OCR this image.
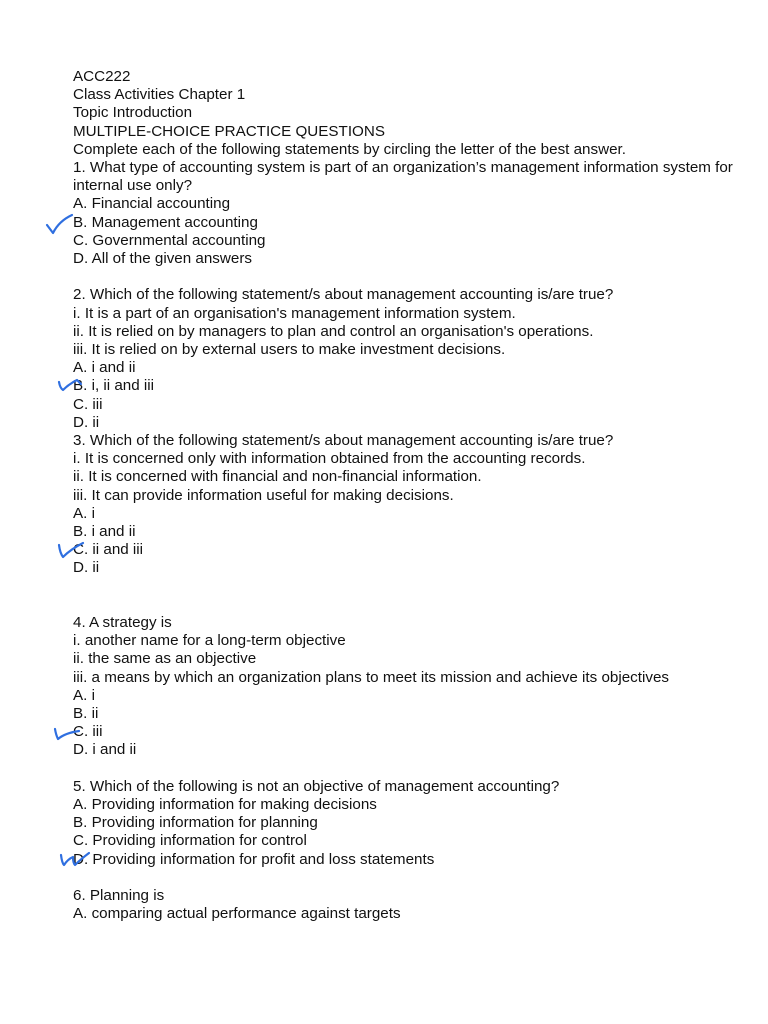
ACC222
Class Activities Chapter 1
Topic Introduction
MULTIPLE-CHOICE PRACTICE QUESTIONS
Complete each of the following statements by circling the letter of the best answer.
1. What type of accounting system is part of an organization’s management information system for internal use only?
A. Financial accounting
B. Management accounting
C. Governmental accounting
D. All of the given answers
2. Which of the following statement/s about management accounting is/are true?
i. It is a part of an organisation's management information system.
ii. It is relied on by managers to plan and control an organisation's operations.
iii. It is relied on by external users to make investment decisions.
A. i and ii
B. i, ii and iii
C. iii
D. ii
3. Which of the following statement/s about management accounting is/are true?
i. It is concerned only with information obtained from the accounting records.
ii. It is concerned with financial and non-financial information.
iii. It can provide information useful for making decisions.
A. i
B. i and ii
C. ii and iii
D. ii
4. A strategy is
i. another name for a long-term objective
ii. the same as an objective
iii. a means by which an organization plans to meet its mission and achieve its objectives
A. i
B. ii
C. iii
D. i and ii
5. Which of the following is not an objective of management accounting?
A. Providing information for making decisions
B. Providing information for planning
C. Providing information for control
D. Providing information for profit and loss statements
6. Planning is
A. comparing actual performance against targets
